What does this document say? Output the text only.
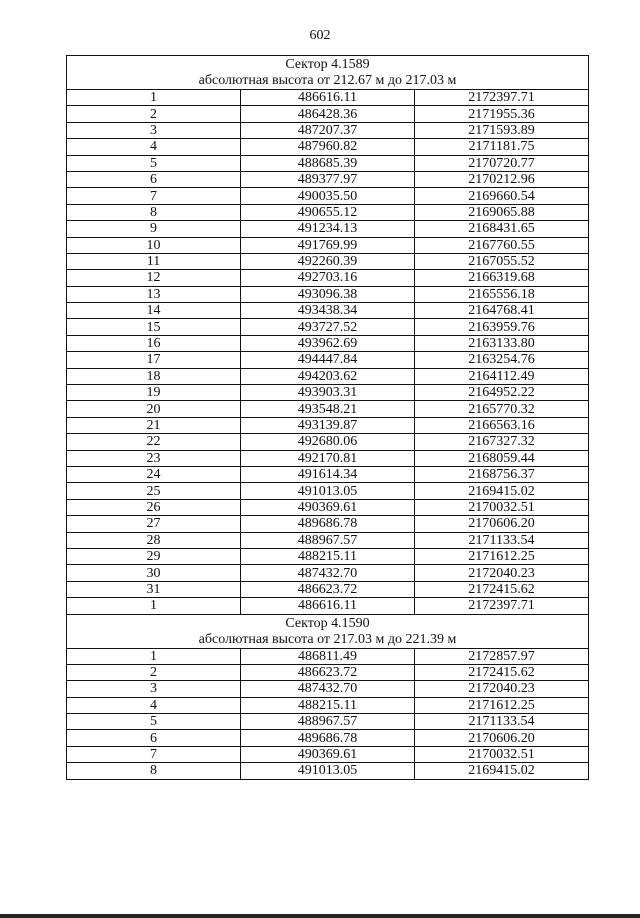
602
Сектор 4.1589
абсолютная высота от 212.67 м до 217.03 м		

1	486616.11	2172397.71
2	486428.36	2171955.36
3	487207.37	2171593.89
4	487960.82	2171181.75
5	488685.39	2170720.77
6	489377.97	2170212.96
7	490035.50	2169660.54
8	490655.12	2169065.88
9	491234.13	2168431.65
10	491769.99	2167760.55
11	492260.39	2167055.52
12	492703.16	2166319.68
13	493096.38	2165556.18
14	493438.34	2164768.41
15	493727.52	2163959.76
16	493962.69	2163133.80
17	494447.84	2163254.76
18	494203.62	2164112.49
19	493903.31	2164952.22
20	493548.21	2165770.32
21	493139.87	2166563.16
22	492680.06	2167327.32
23	492170.81	2168059.44
24	491614.34	2168756.37
25	491013.05	2169415.02
26	490369.61	2170032.51
27	489686.78	2170606.20
28	488967.57	2171133.54
29	488215.11	2171612.25
30	487432.70	2172040.23
31	486623.72	2172415.62
1	486616.11	2172397.71

Сектор 4.1590
абсолютная высота от 217.03 м до 221.39 м		

1	486811.49	2172857.97
2	486623.72	2172415.62
3	487432.70	2172040.23
4	488215.11	2171612.25
5	488967.57	2171133.54
6	489686.78	2170606.20
7	490369.61	2170032.51
8	491013.05	2169415.02
